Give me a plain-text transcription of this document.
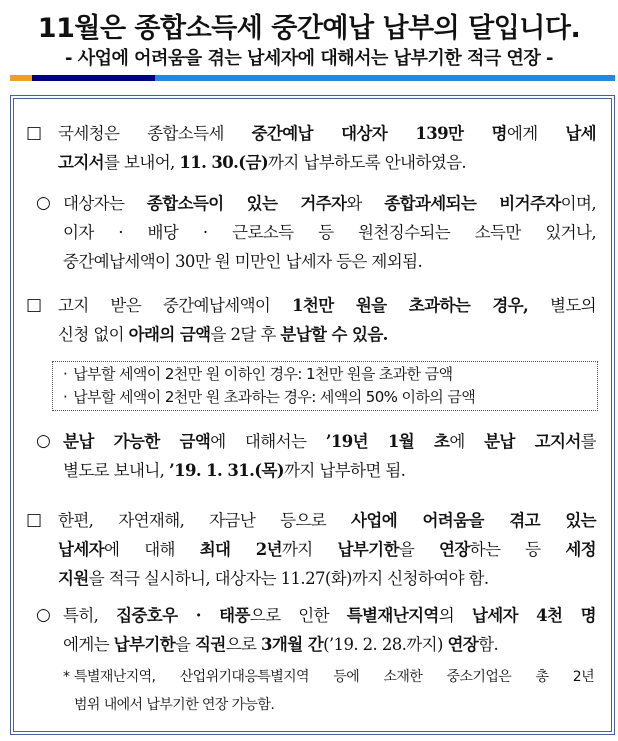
11월은 종합소득세 중간예납 납부의 달입니다.
- 사업에 어려움을 겪는 납세자에 대해서는 납부기한 적극 연장 -
□ 국세청은 종합소득세 중간예납 대상자 139만 명에게 납세
고지서를 보내어, 11. 30.(금)까지 납부하도록 안내하였음.
○ 대상자는 종합소득이 있는 거주자와 종합과세되는 비거주자이며,
이자 · 배당 · 근로소득 등 원천징수되는 소득만 있거나,
중간예납세액이 30만 원 미만인 납세자 등은 제외됨.
□ 고지 받은 중간예납세액이 1천만 원을 초과하는 경우, 별도의
신청 없이 아래의 금액을 2달 후 분납할 수 있음.
· 납부할 세액이 2천만 원 이하인 경우: 1천만 원을 초과한 금액
· 납부할 세액이 2천만 원 초과하는 경우: 세액의 50% 이하의 금액
○ 분납 가능한 금액에 대해서는 ’19년 1월 초에 분납 고지서를
별도로 보내니, ’19. 1. 31.(목)까지 납부하면 됨.
□ 한편, 자연재해, 자금난 등으로 사업에 어려움을 겪고 있는
납세자에 대해 최대 2년까지 납부기한을 연장하는 등 세정
지원을 적극 실시하니, 대상자는 11.27(화)까지 신청하여야 함.
○ 특히, 집중호우 · 태풍으로 인한 특별재난지역의 납세자 4천 명
에게는 납부기한을 직권으로 3개월 간(’19. 2. 28.까지) 연장함.
* 특별재난지역, 산업위기대응특별지역 등에 소재한 중소기업은 총 2년
범위 내에서 납부기한 연장 가능함.
